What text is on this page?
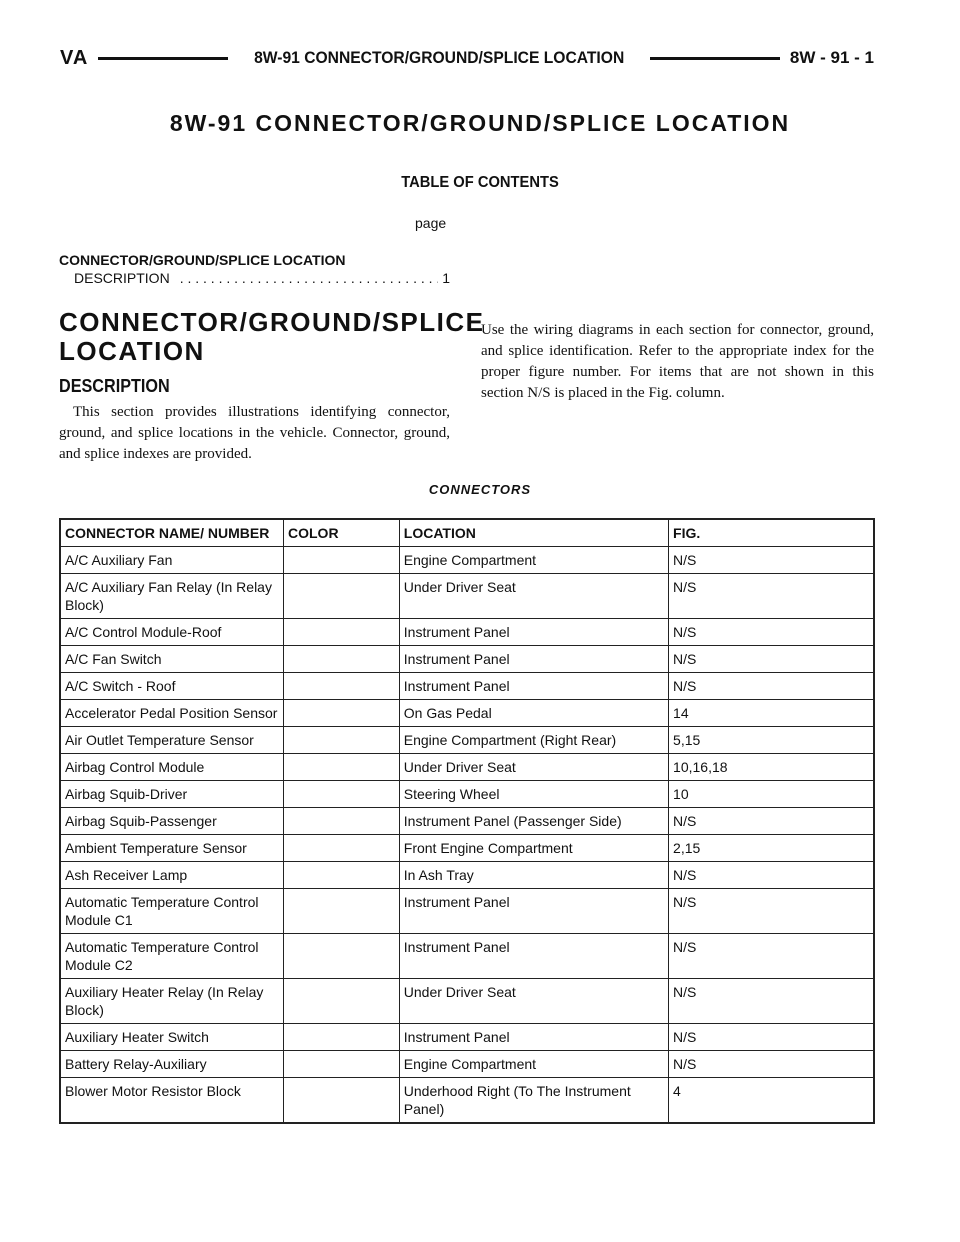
VA	8W-91 CONNECTOR/GROUND/SPLICE LOCATION	8W - 91 - 1
8W-91 CONNECTOR/GROUND/SPLICE LOCATION
TABLE OF CONTENTS
page
CONNECTOR/GROUND/SPLICE LOCATION
DESCRIPTION . . .	1
CONNECTOR/GROUND/SPLICE LOCATION
DESCRIPTION
This section provides illustrations identifying connector, ground, and splice locations in the vehicle. Connector, ground, and splice indexes are provided.
Use the wiring diagrams in each section for connector, ground, and splice identification. Refer to the appropriate index for the proper figure number. For items that are not shown in this section N/S is placed in the Fig. column.
CONNECTORS
CONNECTOR NAME/ NUMBER	COLOR	LOCATION	FIG.
A/C Auxiliary Fan		Engine Compartment	N/S
A/C Auxiliary Fan Relay (In Relay Block)		Under Driver Seat	N/S
A/C Control Module-Roof		Instrument Panel	N/S
A/C Fan Switch		Instrument Panel	N/S
A/C Switch - Roof		Instrument Panel	N/S
Accelerator Pedal Position Sensor		On Gas Pedal	14
Air Outlet Temperature Sensor		Engine Compartment (Right Rear)	5,15
Airbag Control Module		Under Driver Seat	10,16,18
Airbag Squib-Driver		Steering Wheel	10
Airbag Squib-Passenger		Instrument Panel (Passenger Side)	N/S
Ambient Temperature Sensor		Front Engine Compartment	2,15
Ash Receiver Lamp		In Ash Tray	N/S
Automatic Temperature Control Module C1		Instrument Panel	N/S
Automatic Temperature Control Module C2		Instrument Panel	N/S
Auxiliary Heater Relay (In Relay Block)		Under Driver Seat	N/S
Auxiliary Heater Switch		Instrument Panel	N/S
Battery Relay-Auxiliary		Engine Compartment	N/S
Blower Motor Resistor Block		Underhood Right (To The Instrument Panel)	4
